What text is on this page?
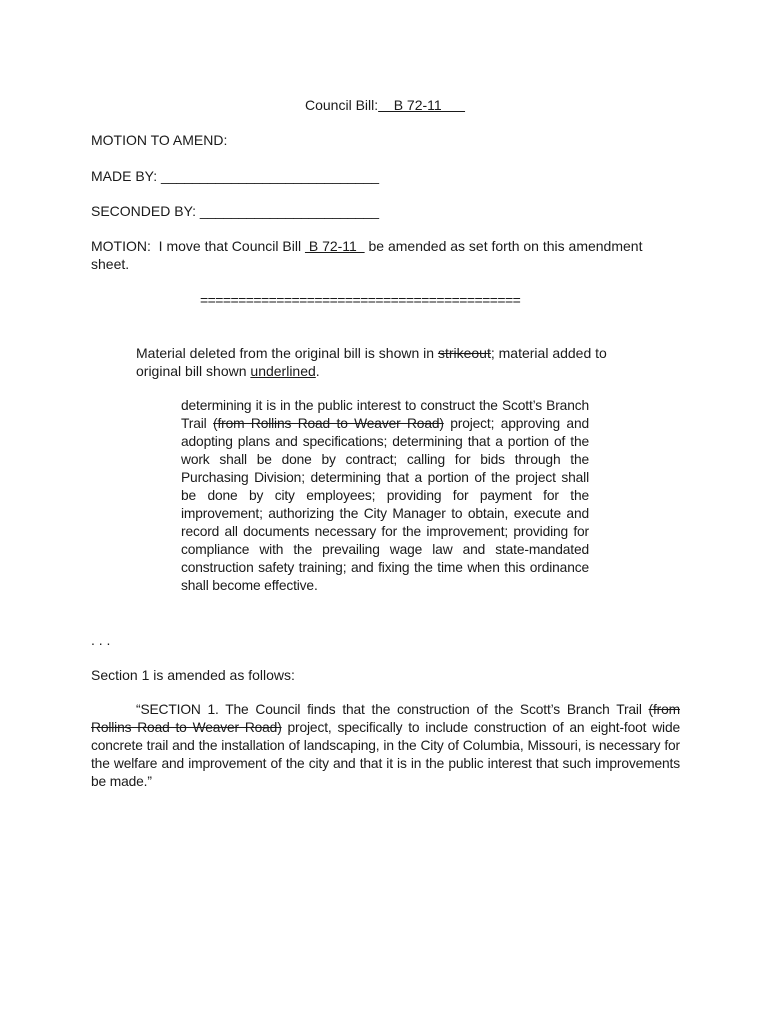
Council Bill:    B 72-11
MOTION TO AMEND:
MADE BY: ____________________________
SECONDED BY: _______________________
MOTION:  I move that Council Bill  B 72-11   be amended as set forth on this amendment
sheet.
==========================================
Material deleted from the original bill is shown in strikeout; material added to
original bill shown underlined.
determining it is in the public interest to construct the Scott’s Branch Trail (from Rollins Road to Weaver Road) project; approving and adopting plans and specifications; determining that a portion of the work shall be done by contract; calling for bids through the Purchasing Division; determining that a portion of the project shall be done by city employees; providing for payment for the improvement; authorizing the City Manager to obtain, execute and record all documents necessary for the improvement; providing for compliance with the prevailing wage law and state-mandated construction safety training; and fixing the time when this ordinance shall become effective.
. . .
Section 1 is amended as follows:
“SECTION 1. The Council finds that the construction of the Scott’s Branch Trail (from Rollins Road to Weaver Road) project, specifically to include construction of an eight-foot wide concrete trail and the installation of landscaping, in the City of Columbia, Missouri, is necessary for the welfare and improvement of the city and that it is in the public interest that such improvements be made.”
